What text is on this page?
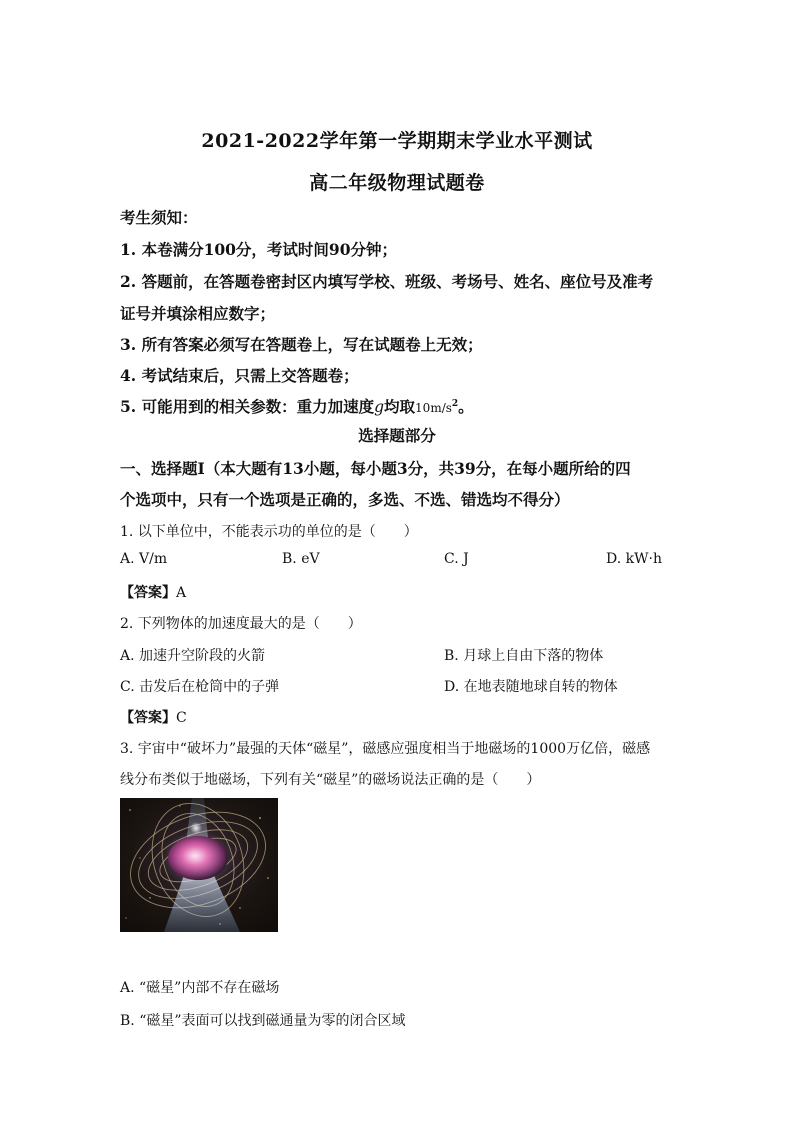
2021-2022学年第一学期期末学业水平测试
高二年级物理试题卷
考生须知：
1. 本卷满分100分，考试时间90分钟；
2. 答题前，在答题卷密封区内填写学校、班级、考场号、姓名、座位号及准考
证号并填涂相应数字；
3. 所有答案必须写在答题卷上，写在试题卷上无效；
4. 考试结束后，只需上交答题卷；
5. 可能用到的相关参数：重力加速度g均取$10m/s^2$。
选择题部分
一、选择题Ⅰ（本大题有13小题，每小题3分，共39分，在每小题所给的四
个选项中，只有一个选项是正确的，多选、不选、错选均不得分）
1. 以下单位中，不能表示功的单位的是（　　）
A. V/m	B. eV	C. J	D. kW·h
【答案】A
2. 下列物体的加速度最大的是（　　）
A. 加速升空阶段的火箭	B. 月球上自由下落的物体
C. 击发后在枪筒中的子弹	D. 在地表随地球自转的物体
【答案】C
3. 宇宙中“破坏力”最强的天体“磁星”，磁感应强度相当于地磁场的1000万亿倍，磁感
线分布类似于地磁场，下列有关“磁星”的磁场说法正确的是（　　）
A. “磁星”内部不存在磁场
B. “磁星”表面可以找到磁通量为零的闭合区域
